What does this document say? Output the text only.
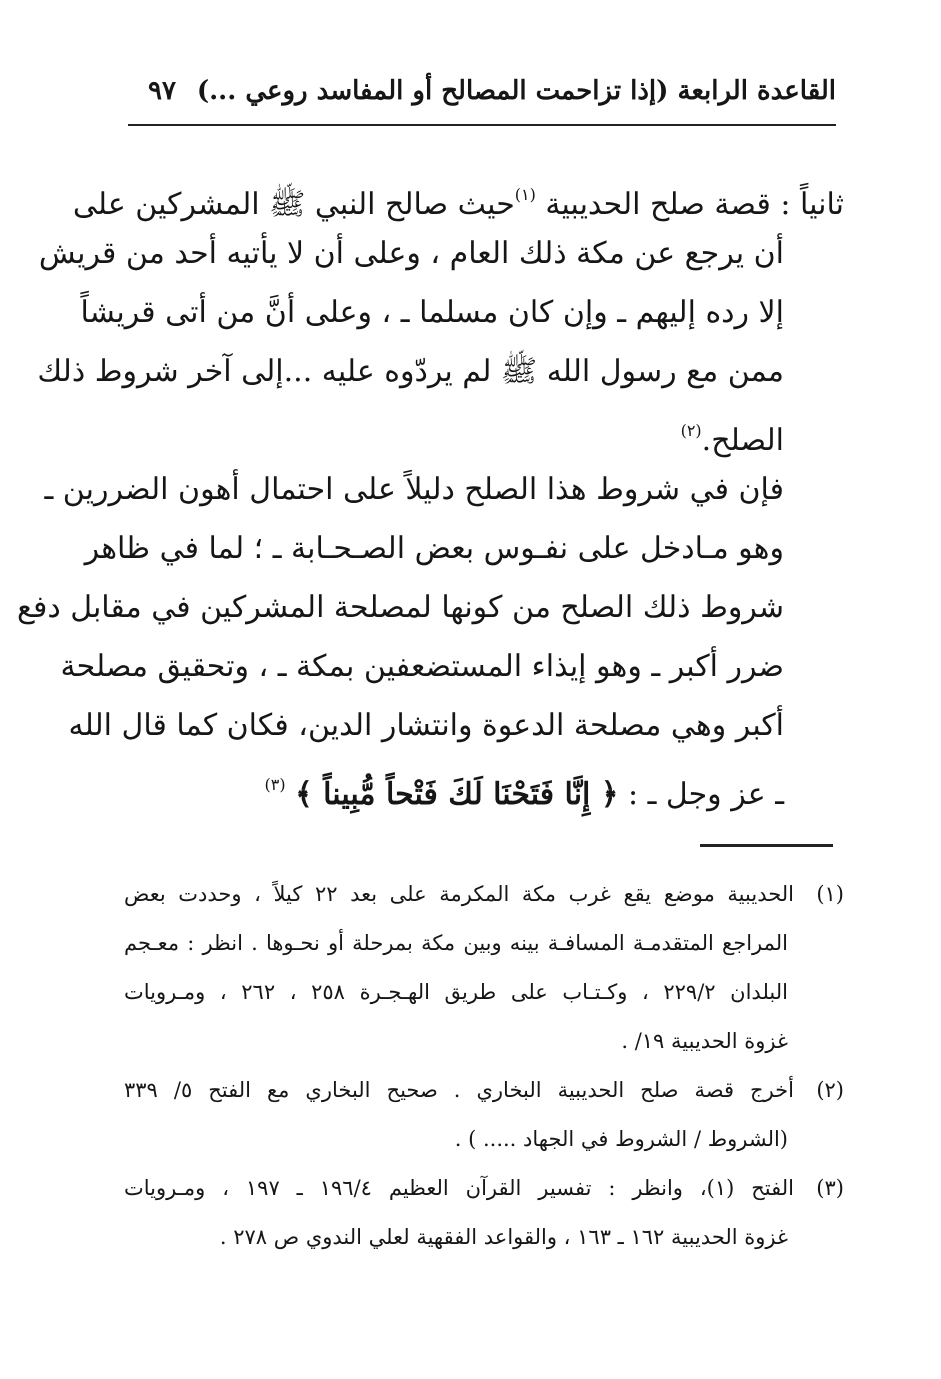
القاعدة الرابعة (إذا تزاحمت المصالح أو المفاسد روعي ...)
٩٧
ثانياً : قصة صلح الحديبية $^{(١)}$حيث صالح النبي ﷺ المشركين على
أن يرجع عن مكة ذلك العام ، وعلى أن لا يأتيه أحد من قريش
إلا رده إليهم ـ وإن كان مسلما ـ ، وعلى أنَّ من أتى قريشاً
ممن مع رسول الله ﷺ لم يردّوه عليه ...إلى آخر شروط ذلك
الصلح.$^{(٢)}$
فإن في شروط هذا الصلح دليلاً على احتمال أهون الضررين ـ
وهو مـادخل على نفـوس بعض الصـحـابة ـ ؛ لما في ظاهر
شروط ذلك الصلح من كونها لمصلحة المشركين في مقابل دفع
ضرر أكبر ـ وهو إيذاء المستضعفين بمكة ـ ، وتحقيق مصلحة
أكبر وهي مصلحة الدعوة وانتشار الدين، فكان كما قال الله
ـ عز وجل ـ : ﴿ إِنَّا فَتَحْنَا لَكَ فَتْحاً مُّبِيناً ﴾ $^{(٣)}$
(١)الحديبية موضع يقع غرب مكة المكرمة على بعد ٢٢ كيلاً ، وحددت بعض
المراجع المتقدمـة المسافـة بينه وبين مكة بمرحلة أو نحـوها . انظر : معـجم
البلدان ٢٢٩/٢ ، وكـتـاب على طريق الهـجـرة ٢٥٨ ، ٢٦٢ ، ومـرويات
غزوة الحديبية ١٩/ .
(٢)أخرج قصة صلح الحديبية البخاري . صحيح البخاري مع الفتح ٥/ ٣٣٩
(الشروط / الشروط في الجهاد ..... ) .
(٣)الفتح (١)، وانظر : تفسير القرآن العظيم ١٩٦/٤ ـ ١٩٧ ، ومـرويات
غزوة الحديبية ١٦٢ ـ ١٦٣ ، والقواعد الفقهية لعلي الندوي ص ٢٧٨ .
